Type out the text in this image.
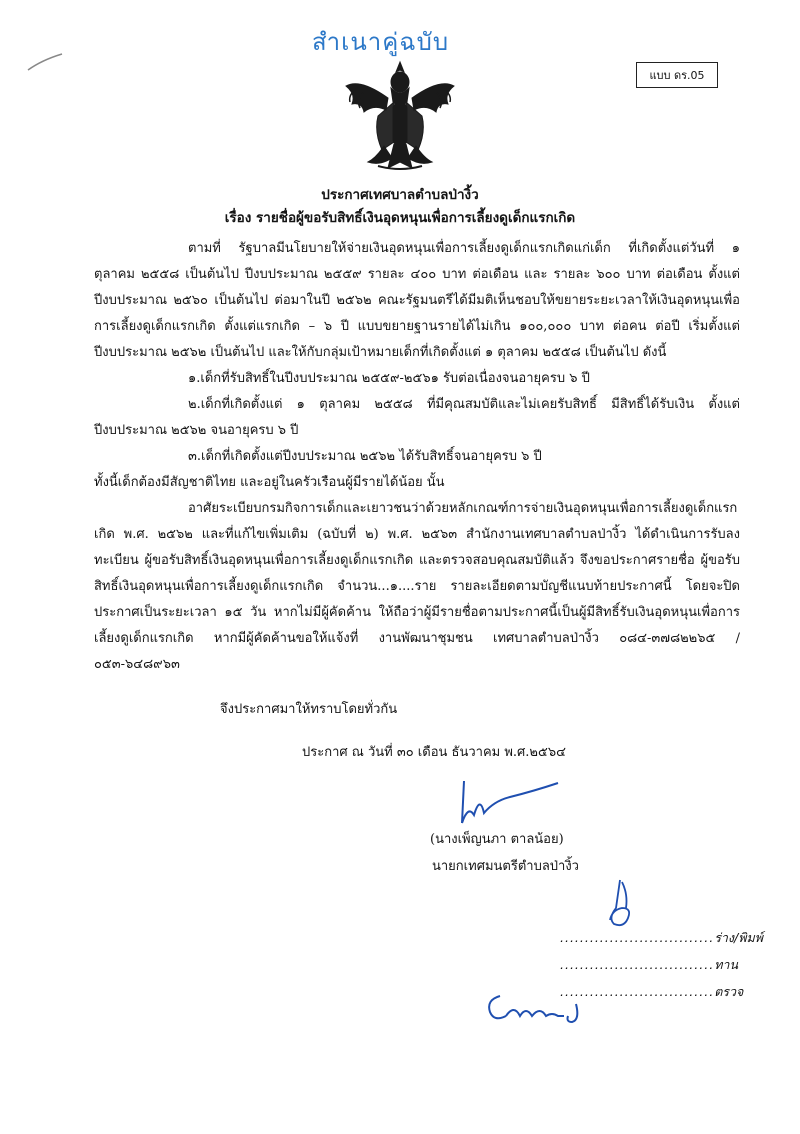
สำเนาคู่ฉบับ
แบบ ดร.05
ประกาศเทศบาลตำบลป่างิ้ว
เรื่อง รายชื่อผู้ขอรับสิทธิ์เงินอุดหนุนเพื่อการเลี้ยงดูเด็กแรกเกิด

ตามที่ รัฐบาลมีนโยบายให้จ่ายเงินอุดหนุนเพื่อการเลี้ยงดูเด็กแรกเกิดแก่เด็ก ที่เกิดตั้งแต่วันที่ ๑ ตุลาคม ๒๕๕๘ เป็นต้นไป ปีงบประมาณ ๒๕๕๙ รายละ ๔๐๐ บาท ต่อเดือน และ รายละ ๖๐๐ บาท ต่อเดือน ตั้งแต่ปีงบประมาณ ๒๕๖๐ เป็นต้นไป ต่อมาในปี ๒๕๖๒ คณะรัฐมนตรีได้มีมติเห็นชอบให้ขยายระยะเวลาให้เงินอุดหนุนเพื่อการเลี้ยงดูเด็กแรกเกิด ตั้งแต่แรกเกิด – ๖ ปี แบบขยายฐานรายได้ไม่เกิน ๑๐๐,๐๐๐ บาท ต่อคน ต่อปี เริ่มตั้งแต่ปีงบประมาณ ๒๕๖๒ เป็นต้นไป และให้กับกลุ่มเป้าหมายเด็กที่เกิดตั้งแต่ ๑ ตุลาคม ๒๕๕๘ เป็นต้นไป ดังนี้

๑.เด็กที่รับสิทธิ์ในปีงบประมาณ ๒๕๕๙-๒๕๖๑ รับต่อเนื่องจนอายุครบ ๖ ปี

๒.เด็กที่เกิดตั้งแต่ ๑ ตุลาคม ๒๕๕๘ ที่มีคุณสมบัติและไม่เคยรับสิทธิ์ มีสิทธิ์ได้รับเงิน ตั้งแต่ปีงบประมาณ ๒๕๖๒ จนอายุครบ ๖ ปี

๓.เด็กที่เกิดตั้งแต่ปีงบประมาณ ๒๕๖๒ ได้รับสิทธิ์จนอายุครบ ๖ ปี

ทั้งนี้เด็กต้องมีสัญชาติไทย และอยู่ในครัวเรือนผู้มีรายได้น้อย นั้น

อาศัยระเบียบกรมกิจการเด็กและเยาวชนว่าด้วยหลักเกณฑ์การจ่ายเงินอุดหนุนเพื่อการเลี้ยงดูเด็กแรกเกิด พ.ศ. ๒๕๖๒ และที่แก้ไขเพิ่มเติม (ฉบับที่ ๒) พ.ศ. ๒๕๖๓ สำนักงานเทศบาลตำบลป่างิ้ว ได้ดำเนินการรับลงทะเบียน ผู้ขอรับสิทธิ์เงินอุดหนุนเพื่อการเลี้ยงดูเด็กแรกเกิด และตรวจสอบคุณสมบัติแล้ว จึงขอประกาศรายชื่อ ผู้ขอรับสิทธิ์เงินอุดหนุนเพื่อการเลี้ยงดูเด็กแรกเกิด จำนวน...๑....ราย รายละเอียดตามบัญชีแนบท้ายประกาศนี้ โดยจะปิดประกาศเป็นระยะเวลา ๑๕ วัน หากไม่มีผู้คัดค้าน ให้ถือว่าผู้มีรายชื่อตามประกาศนี้เป็นผู้มีสิทธิ์รับเงินอุดหนุนเพื่อการเลี้ยงดูเด็กแรกเกิด หากมีผู้คัดค้านขอให้แจ้งที่ งานพัฒนาชุมชน เทศบาลตำบลป่างิ้ว ๐๘๔-๓๗๘๒๒๖๕ / ๐๕๓-๖๔๘๙๖๓

จึงประกาศมาให้ทราบโดยทั่วกัน
ประกาศ ณ วันที่ ๓๐ เดือน ธันวาคม พ.ศ.๒๕๖๔
(นางเพ็ญนภา ตาลน้อย)
นายกเทศมนตรีตำบลป่างิ้ว
...............................ร่าง/พิมพ์
...............................ทาน
...............................ตรวจ
